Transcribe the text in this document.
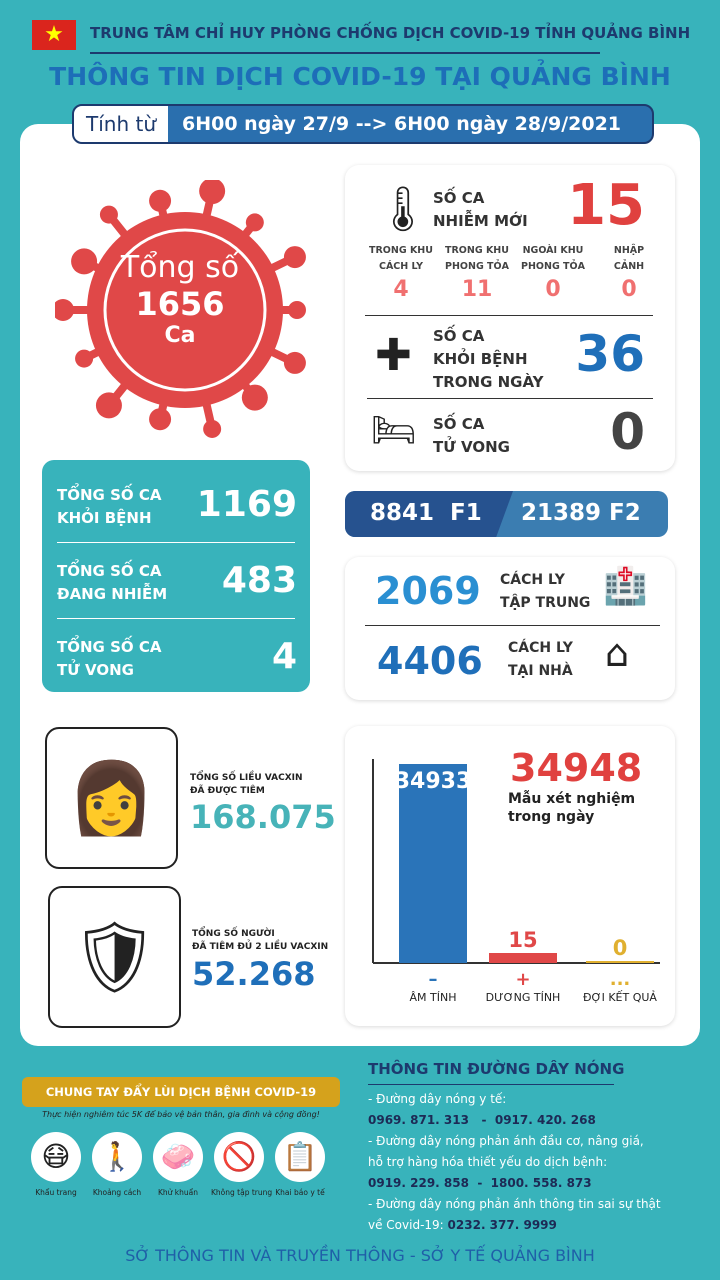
★	TRUNG TÂM CHỈ HUY PHÒNG CHỐNG DỊCH COVID-19 TỈNH QUẢNG BÌNH
THÔNG TIN DỊCH COVID-19 TẠI QUẢNG BÌNH
Tính từ	6H00 ngày 27/9 --> 6H00 ngày 28/9/2021
Tổng số
1656
Ca
🌡 SỐ CA
NHIỄM MỚI 15
TRONG KHU
CÁCH LY
4
TRONG KHU
PHONG TỎA
11
NGOÀI KHU
PHONG TỎA
0
NHẬP
CẢNH
0
✚ SỐ CA
KHỎI BỆNH
TRONG NGÀY 36
🛏 SỐ CA
TỬ VONG 0
TỔNG SỐ CA
KHỎI BỆNH 1169
TỔNG SỐ CA
ĐANG NHIỄM 483
TỔNG SỐ CA
TỬ VONG	4
8841 F1 21389 F2
2069 CÁCH LY
TẬP TRUNG 🏥
4406 CÁCH LY
TẠI NHÀ ⌂
👩	TỔNG SỐ LIỀU VACXIN
ĐÃ ĐƯỢC TIÊM
168.075
🛡	TỔNG SỐ NGƯỜI
ĐÃ TIÊM ĐỦ 2 LIỀU VACXIN
52.268
34933
–
ÂM TÍNH
15
+
DƯƠNG TÍNH
0
...
ĐỢI KẾT QUẢ
34948
Mẫu xét nghiệm
trong ngày
CHUNG TAY ĐẨY LÙI DỊCH BỆNH COVID-19
Thực hiện nghiêm túc 5K để bảo vệ bản thân, gia đình và cộng đồng!
😷
Khẩu trang
🚶
Khoảng cách
🧼
Khử khuẩn
🚫
Không tập trung
📋
Khai báo y tế
THÔNG TIN ĐƯỜNG DÂY NÓNG
- Đường dây nóng y tế:
0969. 871. 313   -  0917. 420. 268
- Đường dây nóng phản ánh đầu cơ, nâng giá,
hỗ trợ hàng hóa thiết yếu do dịch bệnh:
0919. 229. 858  -  1800. 558. 873
- Đường dây nóng phản ánh thông tin sai sự thật
về Covid-19: 0232. 377. 9999
SỞ THÔNG TIN VÀ TRUYỀN THÔNG - SỞ Y TẾ QUẢNG BÌNH
